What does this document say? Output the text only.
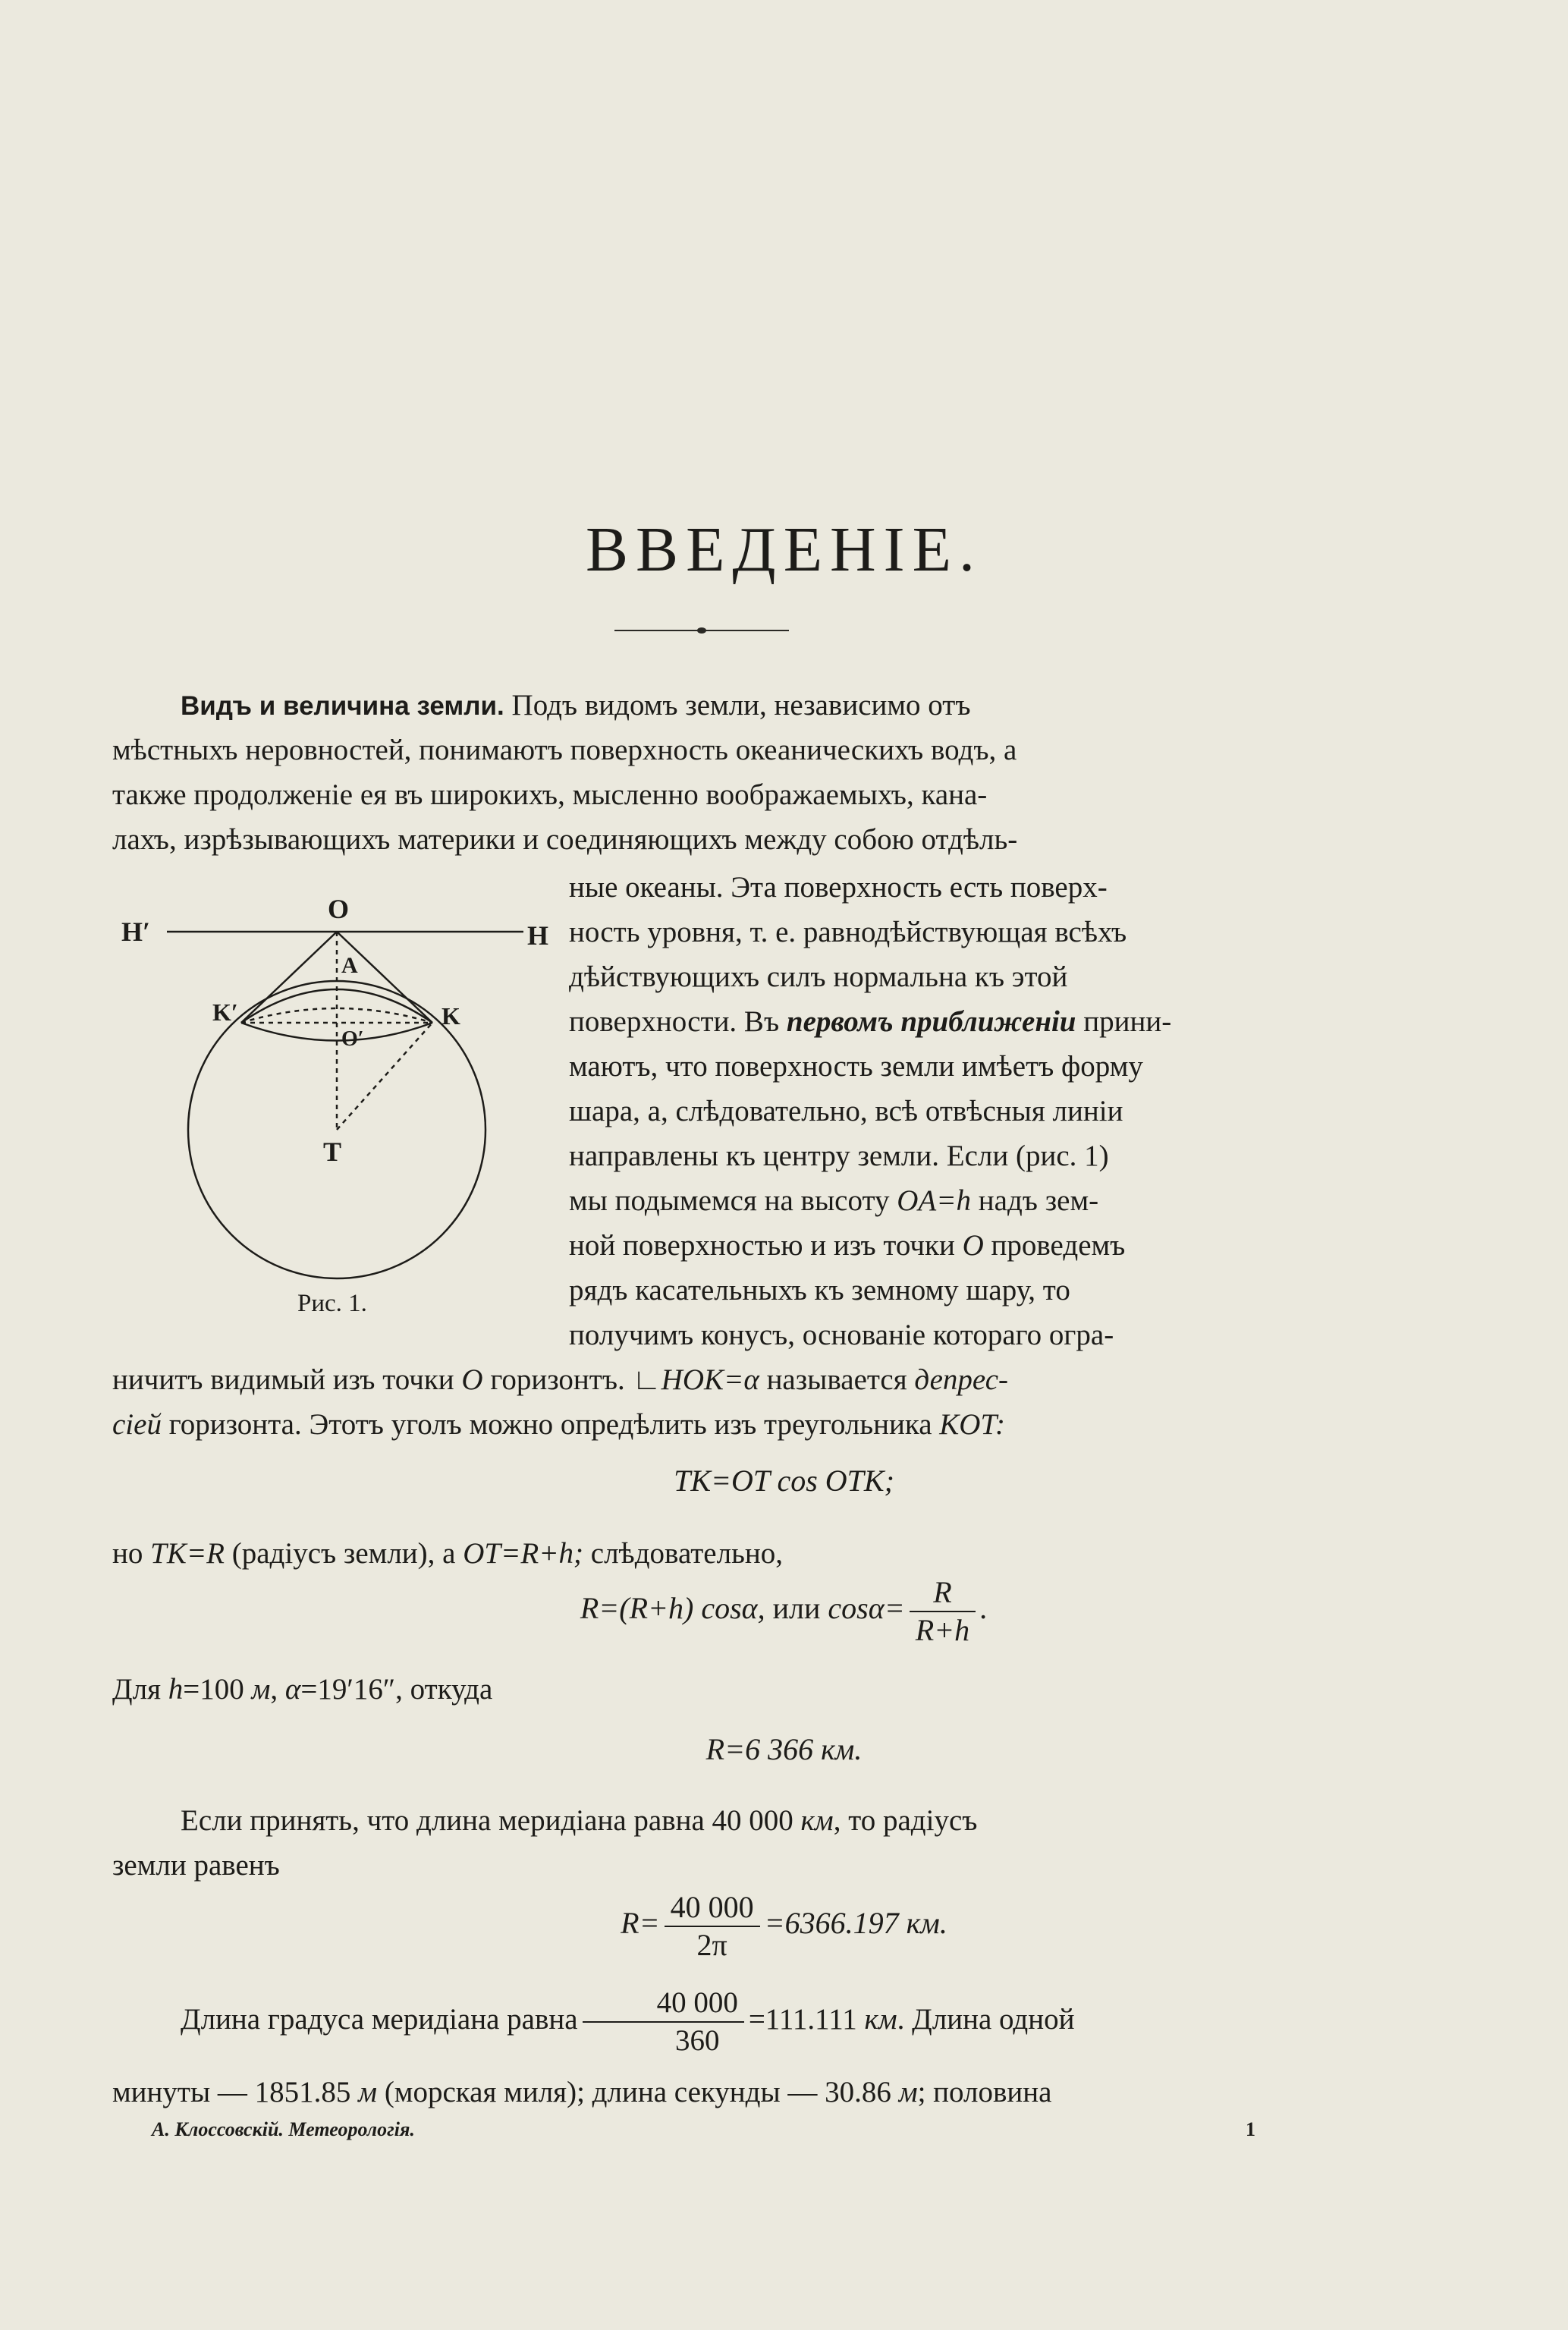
ВВЕДЕНІЕ.
Видъ и величина земли. Подъ видомъ земли, независимо отъ
мѣстныхъ неровностей, понимаютъ поверхность океаническихъ водъ, а
также продолженіе ея въ широкихъ, мысленно воображаемыхъ, кана-
лахъ, изрѣзывающихъ материки и соединяющихъ между собою отдѣль-
ные океаны. Эта поверхность есть поверх-
ность уровня, т. е. равнодѣйствующая всѣхъ
дѣйствующихъ силъ нормальна къ этой
поверхности. Въ первомъ приближеніи прини-
маютъ, что поверхность земли имѣетъ форму
шара, а, слѣдовательно, всѣ отвѣсныя линіи
направлены къ центру земли. Если (рис. 1)
мы подымемся на высоту OA=h надъ зем-
ной поверхностью и изъ точки O проведемъ
рядъ касательныхъ къ земному шару, то
получимъ конусъ, основаніе котораго огра-
ничитъ видимый изъ точки O горизонтъ. ∟HOK=α называется депрес-
сіей горизонта. Этотъ уголъ можно опредѣлить изъ треугольника KOT:
TK=OT cos OTK;
но TK=R (радіусъ земли), а OT=R+h; слѣдовательно,
R=(R+h) cosα, или $\cos\alpha= \frac{R}{R+h}$ .
Для h=100 м, α=19′16″, откуда
R=6 366 км.
Если принять, что длина меридіана равна 40 000 км, то радіусъ
земли равенъ
$R= \frac{40 000}{2\pi} =6366.197$ км.
Длина градуса меридіана равна $\frac{40 000}{360} =111.111$ км. Длина одной
минуты — 1851.85 м (морская миля); длина секунды — 30.86 м; половина
H′
O
H
A
K′	K
O′
T
Рис. 1.
А. Клоссовскій. Метеорологія.	1
